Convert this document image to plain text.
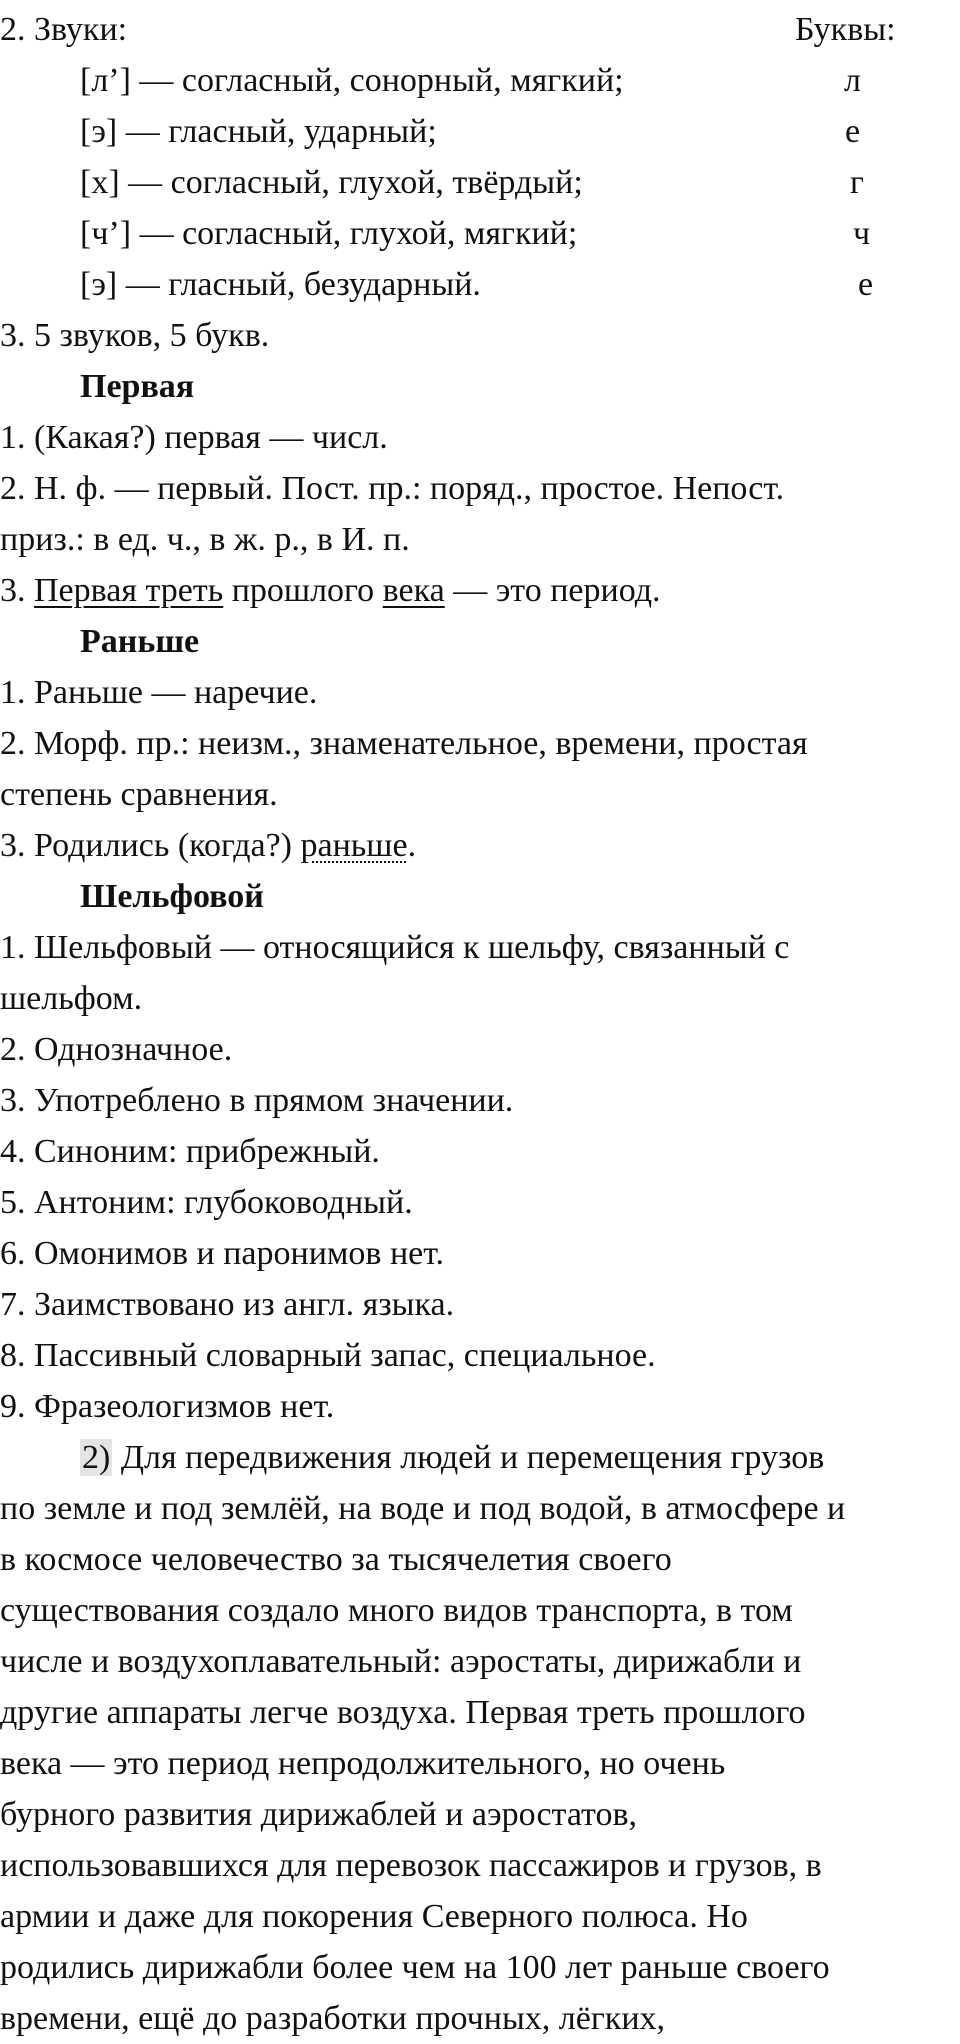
2. Звуки:	Буквы:
[л’] — согласный, сонорный, мягкий;	л
[э] — гласный, ударный;	е
[х] — согласный, глухой, твёрдый;	г
[ч’] — согласный, глухой, мягкий;	ч
[э] — гласный, безударный.	е
3. 5 звуков, 5 букв.
Первая
1. (Какая?) первая — числ.
2. Н. ф. — первый. Пост. пр.: поряд., простое. Непост.
приз.: в ед. ч., в ж. р., в И. п.
3. Первая треть прошлого века — это период.
Раньше
1. Раньше — наречие.
2. Морф. пр.: неизм., знаменательное, времени, простая
степень сравнения.
3. Родились (когда?) раньше.
Шельфовой
1. Шельфовый — относящийся к шельфу, связанный с
шельфом.
2. Однозначное.
3. Употреблено в прямом значении.
4. Синоним: прибрежный.
5. Антоним: глубоководный.
6. Омонимов и паронимов нет.
7. Заимствовано из англ. языка.
8. Пассивный словарный запас, специальное.
9. Фразеологизмов нет.
2) Для передвижения людей и перемещения грузов
по земле и под землёй, на воде и под водой, в атмосфере и
в космосе человечество за тысячелетия своего
существования создало много видов транспорта, в том
числе и воздухоплавательный: аэростаты, дирижабли и
другие аппараты легче воздуха. Первая треть прошлого
века — это период непродолжительного, но очень
бурного развития дирижаблей и аэростатов,
использовавшихся для перевозок пассажиров и грузов, в
армии и даже для покорения Северного полюса. Но
родились дирижабли более чем на 100 лет раньше своего
времени, ещё до разработки прочных, лёгких,
